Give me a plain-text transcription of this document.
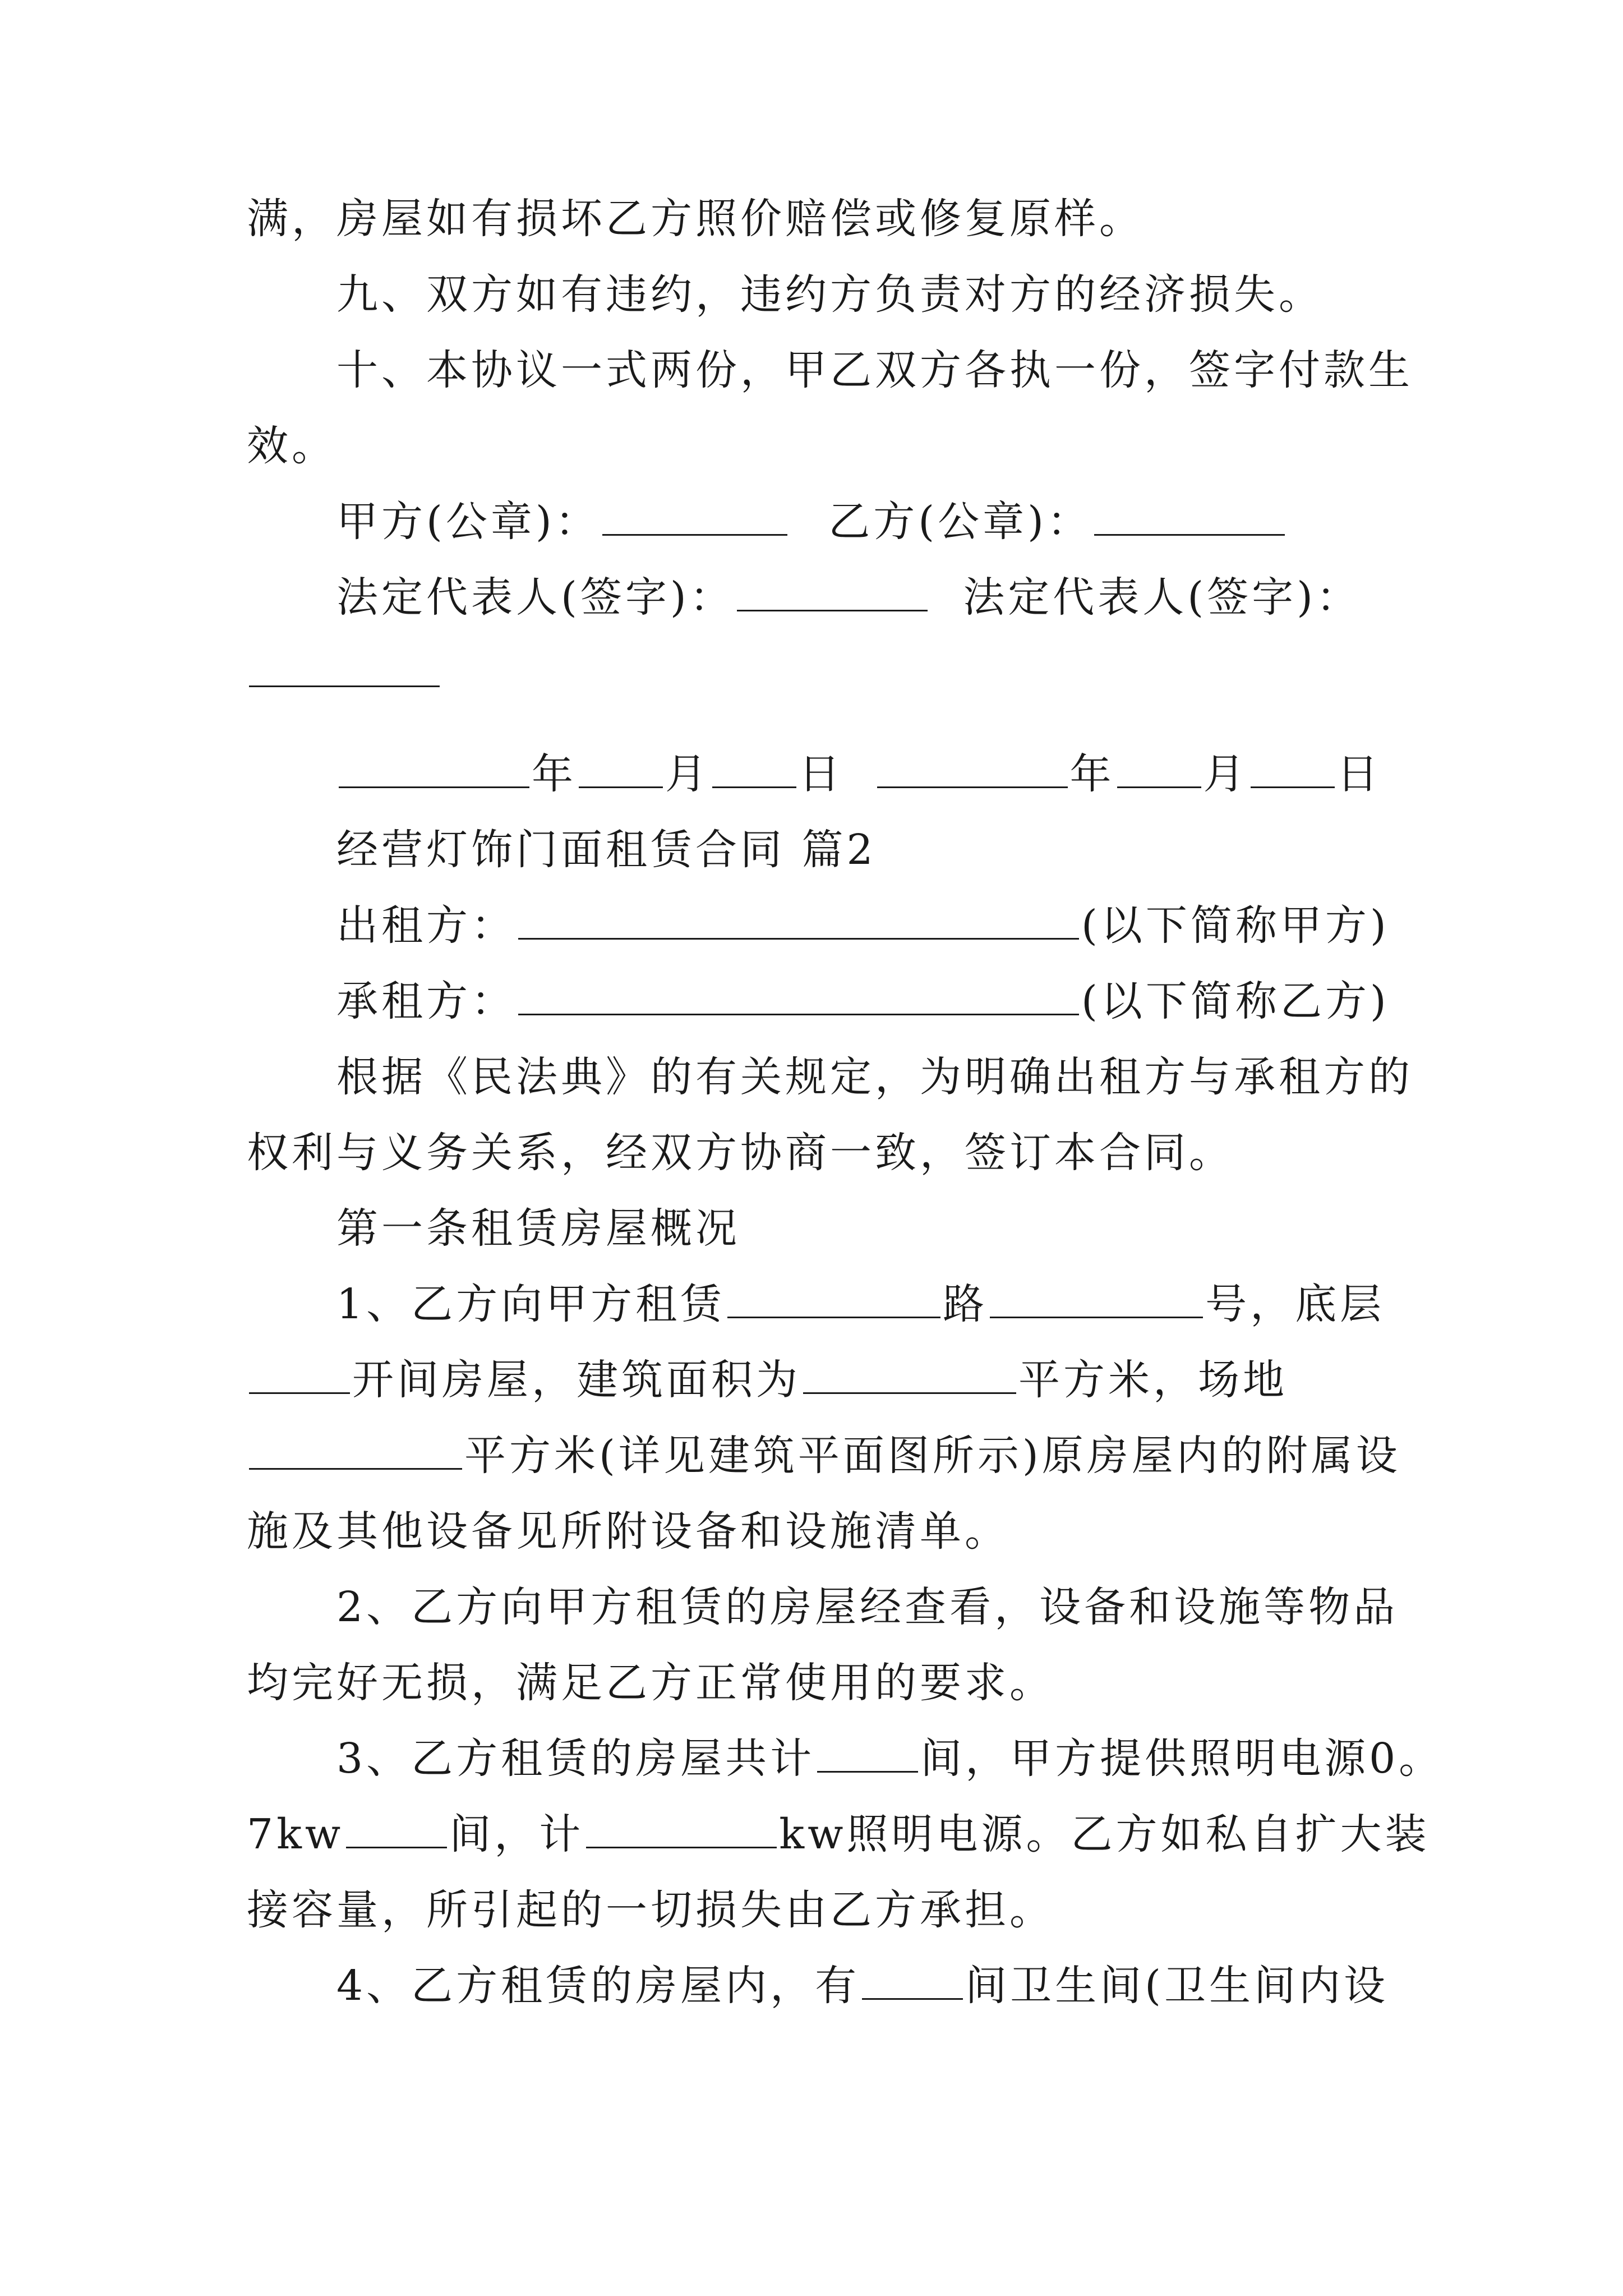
满，房屋如有损坏乙方照价赔偿或修复原样。
九、双方如有违约，违约方负责对方的经济损失。
十、本协议一式两份，甲乙双方各执一份，签字付款生
效。
甲方(公章)：	乙方(公章)：
法定代表人(签字)：	法定代表人(签字)：
年 月 日	年 月 日
经营灯饰门面租赁合同 篇2
出租方：	(以下简称甲方)
承租方：	(以下简称乙方)
根据《民法典》的有关规定，为明确出租方与承租方的
权利与义务关系，经双方协商一致，签订本合同。
第一条租赁房屋概况
1、乙方向甲方租赁	路	号，底层
开间房屋，建筑面积为	平方米，场地
平方米(详见建筑平面图所示)原房屋内的附属设
施及其他设备见所附设备和设施清单。
2、乙方向甲方租赁的房屋经查看，设备和设施等物品
均完好无损，满足乙方正常使用的要求。
3、乙方租赁的房屋共计	间，甲方提供照明电源0。
7kw	间，计	kw照明电源。乙方如私自扩大装
接容量，所引起的一切损失由乙方承担。
4、乙方租赁的房屋内，有	间卫生间(卫生间内设
